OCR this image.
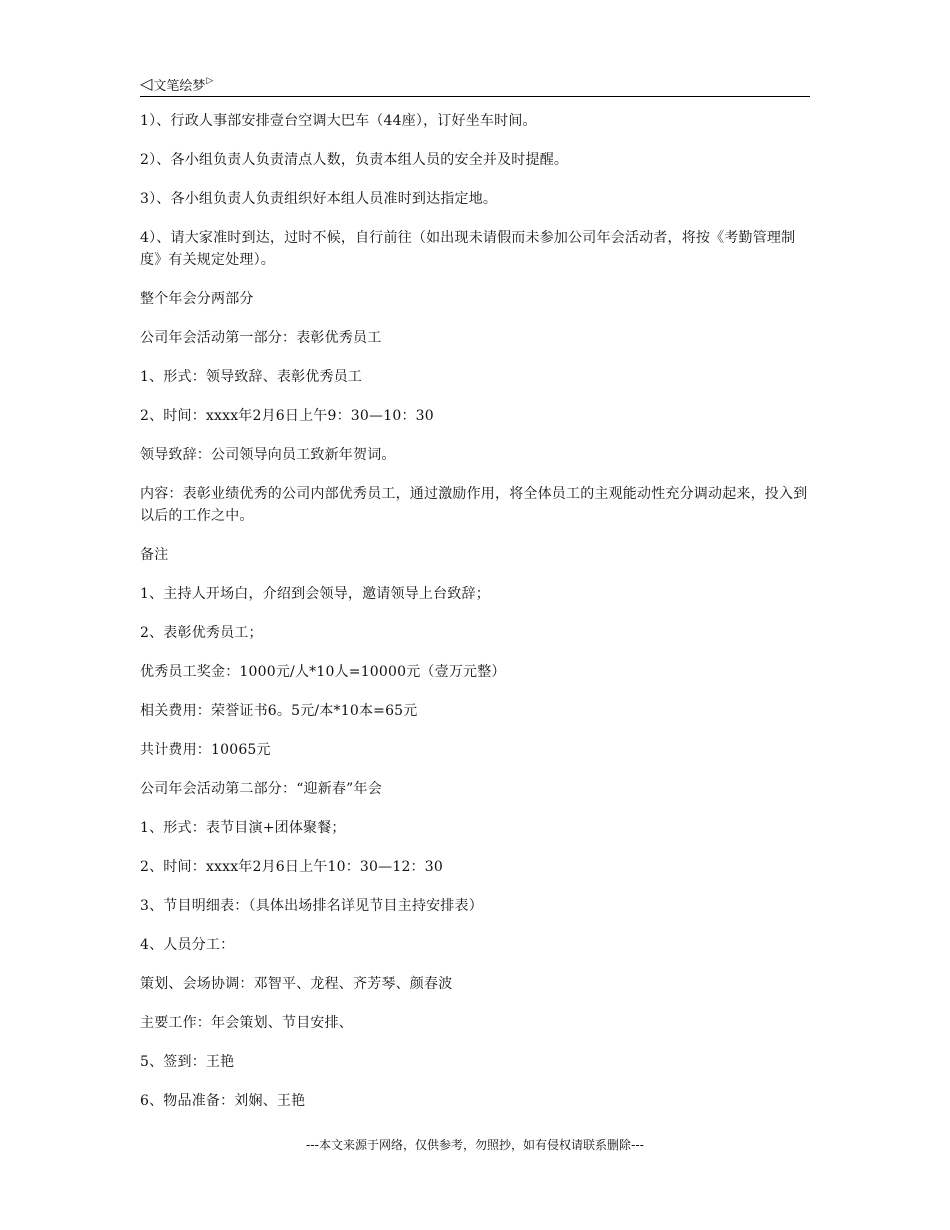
◁ 文笔绘梦 ▷

1）、行政人事部安排壹台空调大巴车（44座），订好坐车时间。

2）、各小组负责人负责清点人数，负责本组人员的安全并及时提醒。

3）、各小组负责人负责组织好本组人员准时到达指定地。

4）、请大家准时到达，过时不候，自行前往（如出现未请假而未参加公司年会活动者，将按《考勤管理制度》有关规定处理）。

整个年会分两部分

公司年会活动第一部分：表彰优秀员工

1、形式：领导致辞、表彰优秀员工

2、时间：xxxx年2月6日上午9：30—10：30

领导致辞：公司领导向员工致新年贺词。

内容：表彰业绩优秀的公司内部优秀员工，通过激励作用，将全体员工的主观能动性充分调动起来，投入到以后的工作之中。

备注

1、主持人开场白，介绍到会领导，邀请领导上台致辞；

2、表彰优秀员工；

优秀员工奖金：1000元/人*10人=10000元（壹万元整）

相关费用：荣誉证书6。5元/本*10本=65元

共计费用：10065元

公司年会活动第二部分：“迎新春”年会

1、形式：表节目演+团体聚餐；

2、时间：xxxx年2月6日上午10：30—12：30

3、节目明细表：（具体出场排名详见节目主持安排表）

4、人员分工：

策划、会场协调：邓智平、龙程、齐芳琴、颜春波

主要工作：年会策划、节目安排、

5、签到：王艳

6、物品准备：刘娴、王艳

---本文来源于网络，仅供参考，勿照抄，如有侵权请联系删除---
